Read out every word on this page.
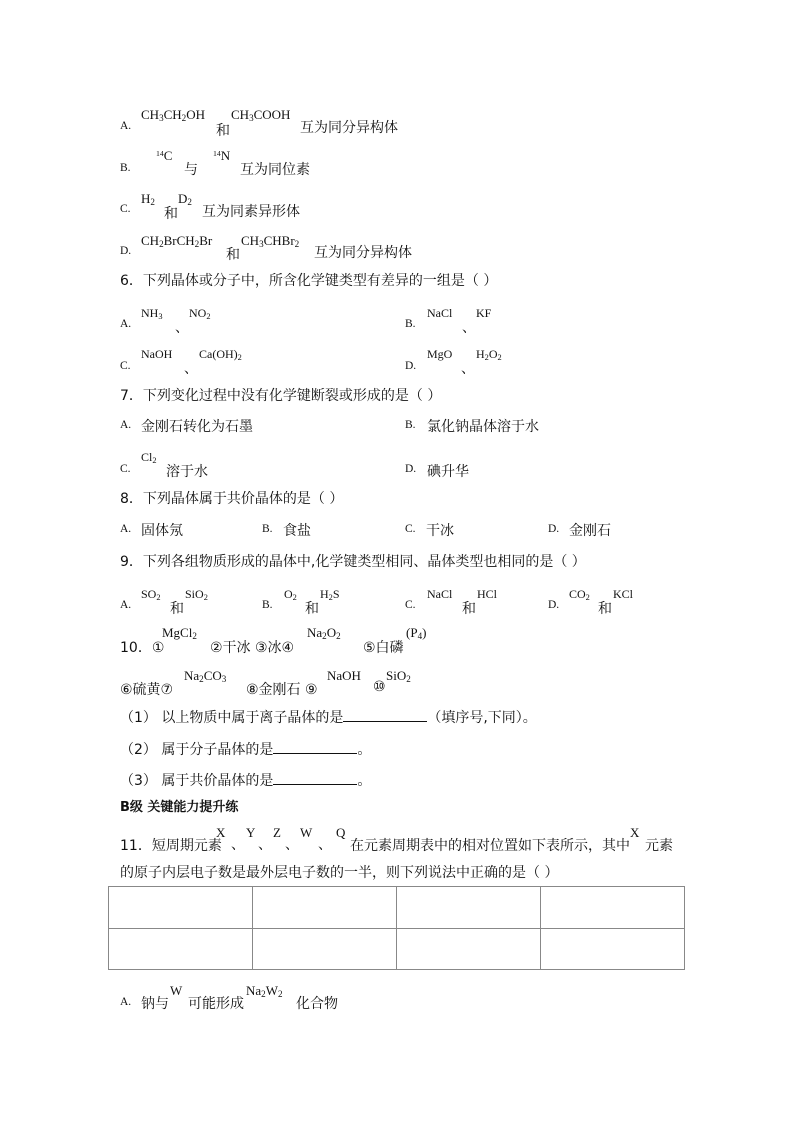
A.
CH3CH2OH
和
CH3COOH
互为同分异构体
B.
$^{14}$C
与
$^{14}$N
互为同位素
C.
H2
和
D2
互为同素异形体
D.
CH2BrCH2Br
和
CH3CHBr2
互为同分异构体
6．下列晶体或分子中，所含化学键类型有差异的一组是（ ）
A.
NH3
、
NO2
B.
NaCl
、
KF
C.
NaOH
、
Ca(OH)2
D.
MgO
、
H2O2
7．下列变化过程中没有化学键断裂或形成的是（ ）
A. 金刚石转化为石墨	B. 氯化钠晶体溶于水
C.
Cl2
溶于水	D. 碘升华
8．下列晶体属于共价晶体的是（ ）
A. 固体氖	B. 食盐	C. 干冰	D. 金刚石
9．下列各组物质形成的晶体中,化学键类型相同、晶体类型也相同的是（ ）
A.
SO2
和
SiO2
B.
O2
和
H2S
C.
NaCl
和
HCl
D.
CO2
和
KCl
10．①
MgCl2
②干冰 ③冰④
Na2O2
⑤白磷
(P4)
⑥硫黄⑦
Na2CO3
⑧金刚石 ⑨
NaOH
⑩
SiO2
（1） 以上物质中属于离子晶体的是	（填序号,下同）。
（2） 属于分子晶体的是	。
（3） 属于共价晶体的是	。
B级 关键能力提升练
11．短周期元素
X
、
Y
、
Z
、
W
、
Q
在元素周期表中的相对位置如下表所示，其中
X
元素
的原子内层电子数是最外层电子数的一半，则下列说法中正确的是（ ）

A. 钠与
W
可能形成
Na2W2
化合物
